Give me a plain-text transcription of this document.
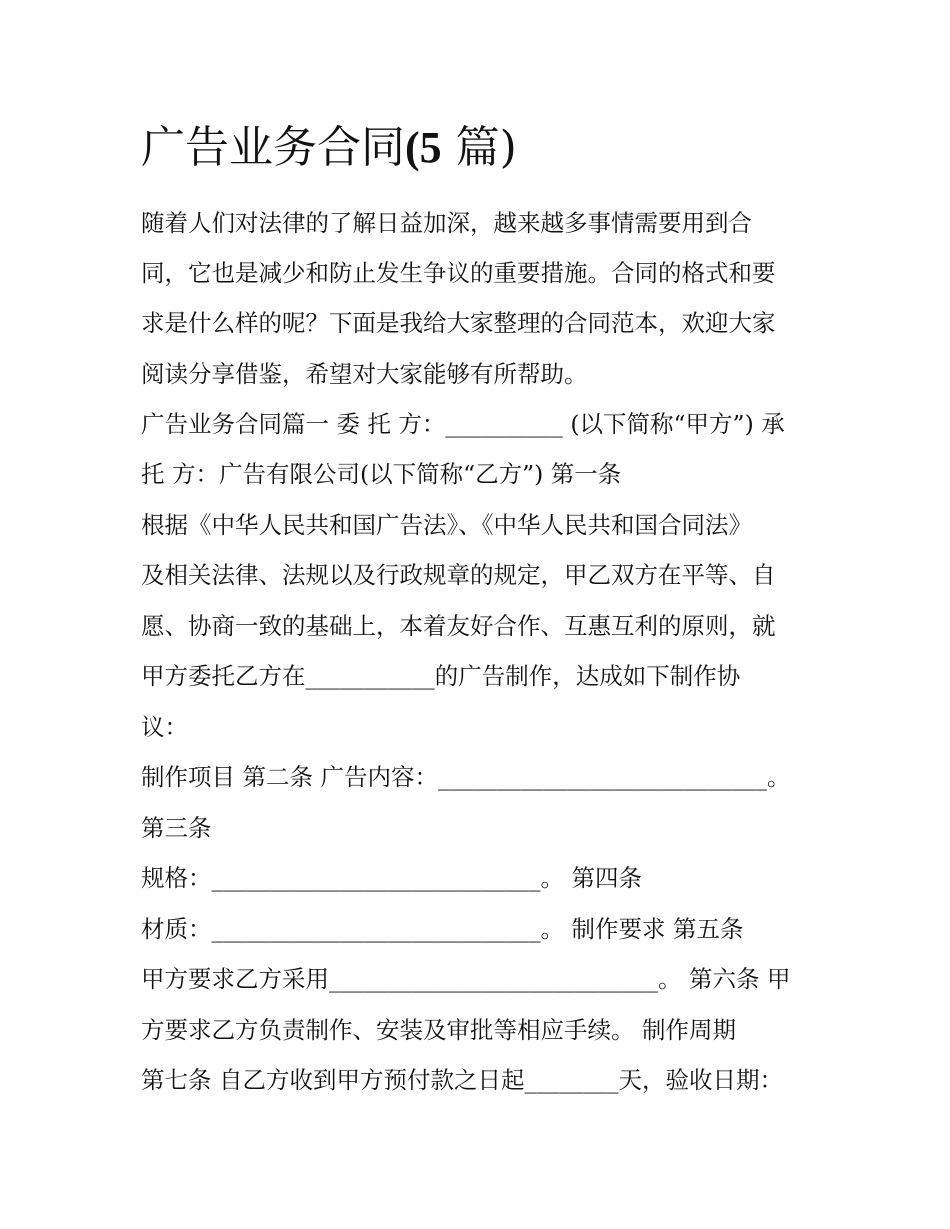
广告业务合同(5 篇)

随着人们对法律的了解日益加深，越来越多事情需要用到合

同，它也是减少和防止发生争议的重要措施。合同的格式和要

求是什么样的呢？下面是我给大家整理的合同范本，欢迎大家

阅读分享借鉴，希望对大家能够有所帮助。

广告业务合同篇一 委 托 方：__________ (以下简称“甲方”) 承

托 方：广告有限公司(以下简称“乙方”) 第一条

根据《中华人民共和国广告法》、《中华人民共和国合同法》

及相关法律、法规以及行政规章的规定，甲乙双方在平等、自

愿、协商一致的基础上，本着友好合作、互惠互利的原则，就

甲方委托乙方在___________的广告制作，达成如下制作协

议：

制作项目 第二条 广告内容：____________________________。

第三条

规格：____________________________。 第四条

材质：____________________________。 制作要求 第五条

甲方要求乙方采用____________________________。 第六条 甲

方要求乙方负责制作、安装及审批等相应手续。 制作周期

第七条 自乙方收到甲方预付款之日起________天，验收日期：
